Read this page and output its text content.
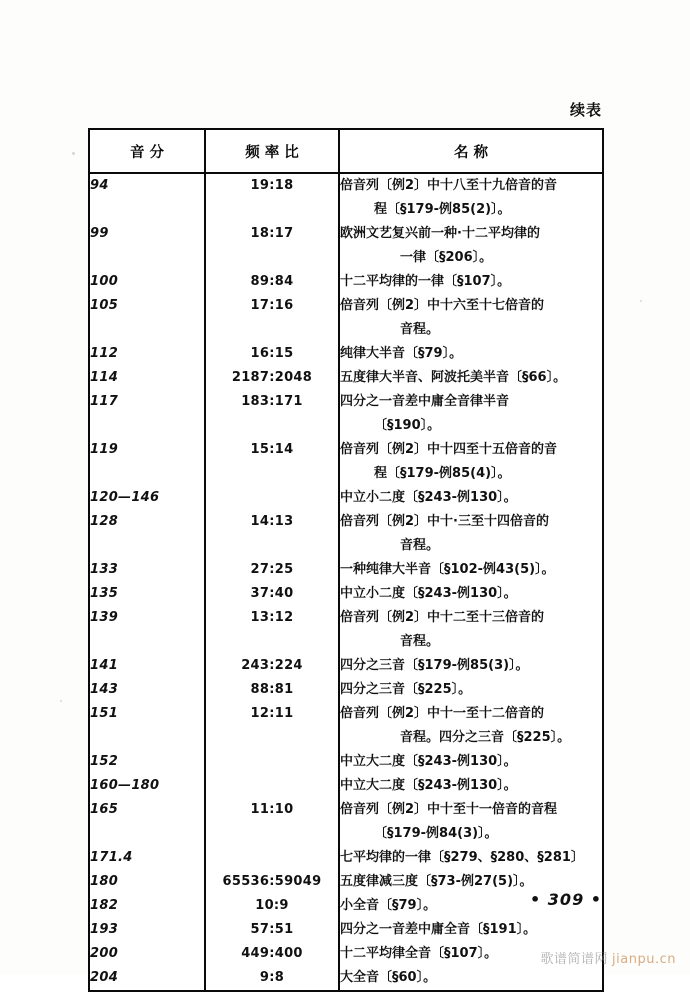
续表
音 分	频 率 比	名 称

94	19:18	倍音列〔例2〕中十八至十九倍音的音
程〔§179-例85(2)〕。

99	18:17	欧洲文艺复兴前一种·十二平均律的
一律〔§206〕。

100	89:84	十二平均律的一律〔§107〕。

105	17:16	倍音列〔例2〕中十六至十七倍音的
音程。

112	16:15	纯律大半音〔§79〕。

114	2187:2048	五度律大半音、阿波托美半音〔§66〕。

117	183:171	四分之一音差中庸全音律半音
〔§190〕。

119	15:14	倍音列〔例2〕中十四至十五倍音的音
程〔§179-例85(4)〕。

120—146		中立小二度〔§243-例130〕。

128	14:13	倍音列〔例2〕中十·三至十四倍音的
音程。

133	27:25	一种纯律大半音〔§102-例43(5)〕。

135	37:40	中立小二度〔§243-例130〕。

139	13:12	倍音列〔例2〕中十二至十三倍音的
音程。

141	243:224	四分之三音〔§179-例85(3)〕。

143	88:81	四分之三音〔§225〕。

151	12:11	倍音列〔例2〕中十一至十二倍音的
音程。四分之三音〔§225〕。

152		中立大二度〔§243-例130〕。

160—180		中立大二度〔§243-例130〕。

165	11:10	倍音列〔例2〕中十至十一倍音的音程
〔§179-例84(3)〕。

171.4		七平均律的一律〔§279、§280、§281〕

180	65536:59049	五度律减三度〔§73-例27(5)〕。

182	10:9	小全音〔§79〕。

193	57:51	四分之一音差中庸全音〔§191〕。

200	449:400	十二平均律全音〔§107〕。

204	9:8	大全音〔§60〕。
• 309 •
歌谱简谱网 jianpu.cn
